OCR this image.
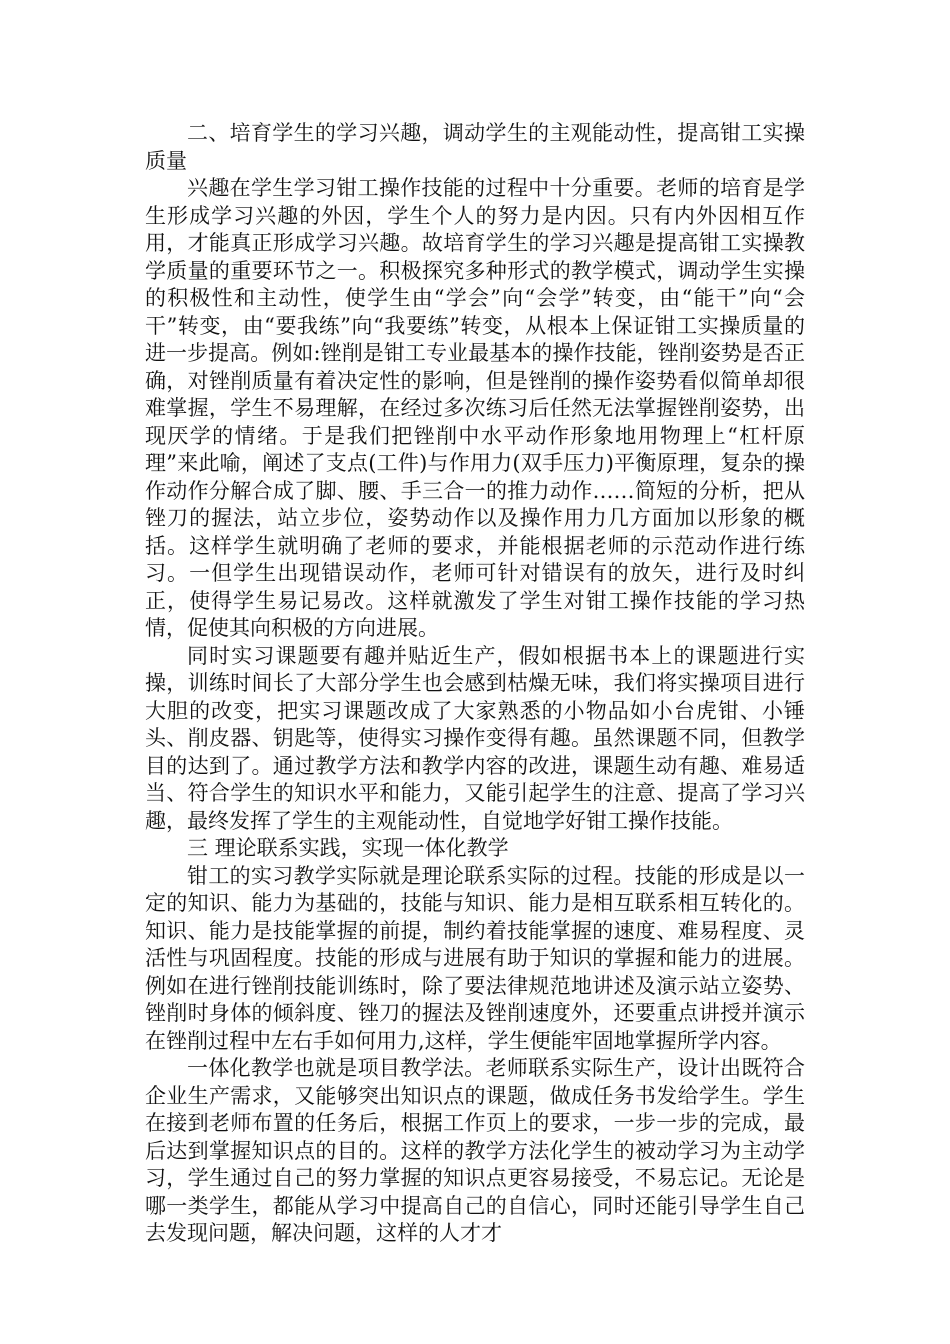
二、培育学生的学习兴趣，调动学生的主观能动性，提高钳工实操质量

兴趣在学生学习钳工操作技能的过程中十分重要。老师的培育是学生形成学习兴趣的外因，学生个人的努力是内因。只有内外因相互作用，才能真正形成学习兴趣。故培育学生的学习兴趣是提高钳工实操教学质量的重要环节之一。积极探究多种形式的教学模式，调动学生实操的积极性和主动性，使学生由“学会”向“会学”转变，由“能干”向“会干”转变，由“要我练”向“我要练”转变，从根本上保证钳工实操质量的进一步提高。例如:锉削是钳工专业最基本的操作技能，锉削姿势是否正确，对锉削质量有着决定性的影响，但是锉削的操作姿势看似简单却很难掌握，学生不易理解，在经过多次练习后任然无法掌握锉削姿势，出现厌学的情绪。于是我们把锉削中水平动作形象地用物理上“杠杆原理”来此喻，阐述了支点(工件)与作用力(双手压力)平衡原理，复杂的操作动作分解合成了脚、腰、手三合一的推力动作……简短的分析，把从锉刀的握法，站立步位，姿势动作以及操作用力几方面加以形象的概括。这样学生就明确了老师的要求，并能根据老师的示范动作进行练习。一但学生出现错误动作，老师可针对错误有的放矢，进行及时纠正，使得学生易记易改。这样就激发了学生对钳工操作技能的学习热情，促使其向积极的方向进展。

同时实习课题要有趣并贴近生产，假如根据书本上的课题进行实操，训练时间长了大部分学生也会感到枯燥无味，我们将实操项目进行大胆的改变，把实习课题改成了大家熟悉的小物品如小台虎钳、小锤头、削皮器、钥匙等，使得实习操作变得有趣。虽然课题不同，但教学目的达到了。通过教学方法和教学内容的改进，课题生动有趣、难易适当、符合学生的知识水平和能力，又能引起学生的注意、提高了学习兴趣，最终发挥了学生的主观能动性，自觉地学好钳工操作技能。

三 理论联系实践，实现一体化教学

钳工的实习教学实际就是理论联系实际的过程。技能的形成是以一定的知识、能力为基础的，技能与知识、能力是相互联系相互转化的。知识、能力是技能掌握的前提，制约着技能掌握的速度、难易程度、灵活性与巩固程度。技能的形成与进展有助于知识的掌握和能力的进展。例如在进行锉削技能训练时，除了要法律规范地讲述及演示站立姿势、锉削时身体的倾斜度、锉刀的握法及锉削速度外，还要重点讲授并演示在锉削过程中左右手如何用力,这样，学生便能牢固地掌握所学内容。

一体化教学也就是项目教学法。老师联系实际生产，设计出既符合企业生产需求，又能够突出知识点的课题，做成任务书发给学生。学生在接到老师布置的任务后，根据工作页上的要求，一步一步的完成，最后达到掌握知识点的目的。这样的教学方法化学生的被动学习为主动学习，学生通过自己的努力掌握的知识点更容易接受，不易忘记。无论是哪一类学生，都能从学习中提高自己的自信心，同时还能引导学生自己去发现问题，解决问题，这样的人才才
